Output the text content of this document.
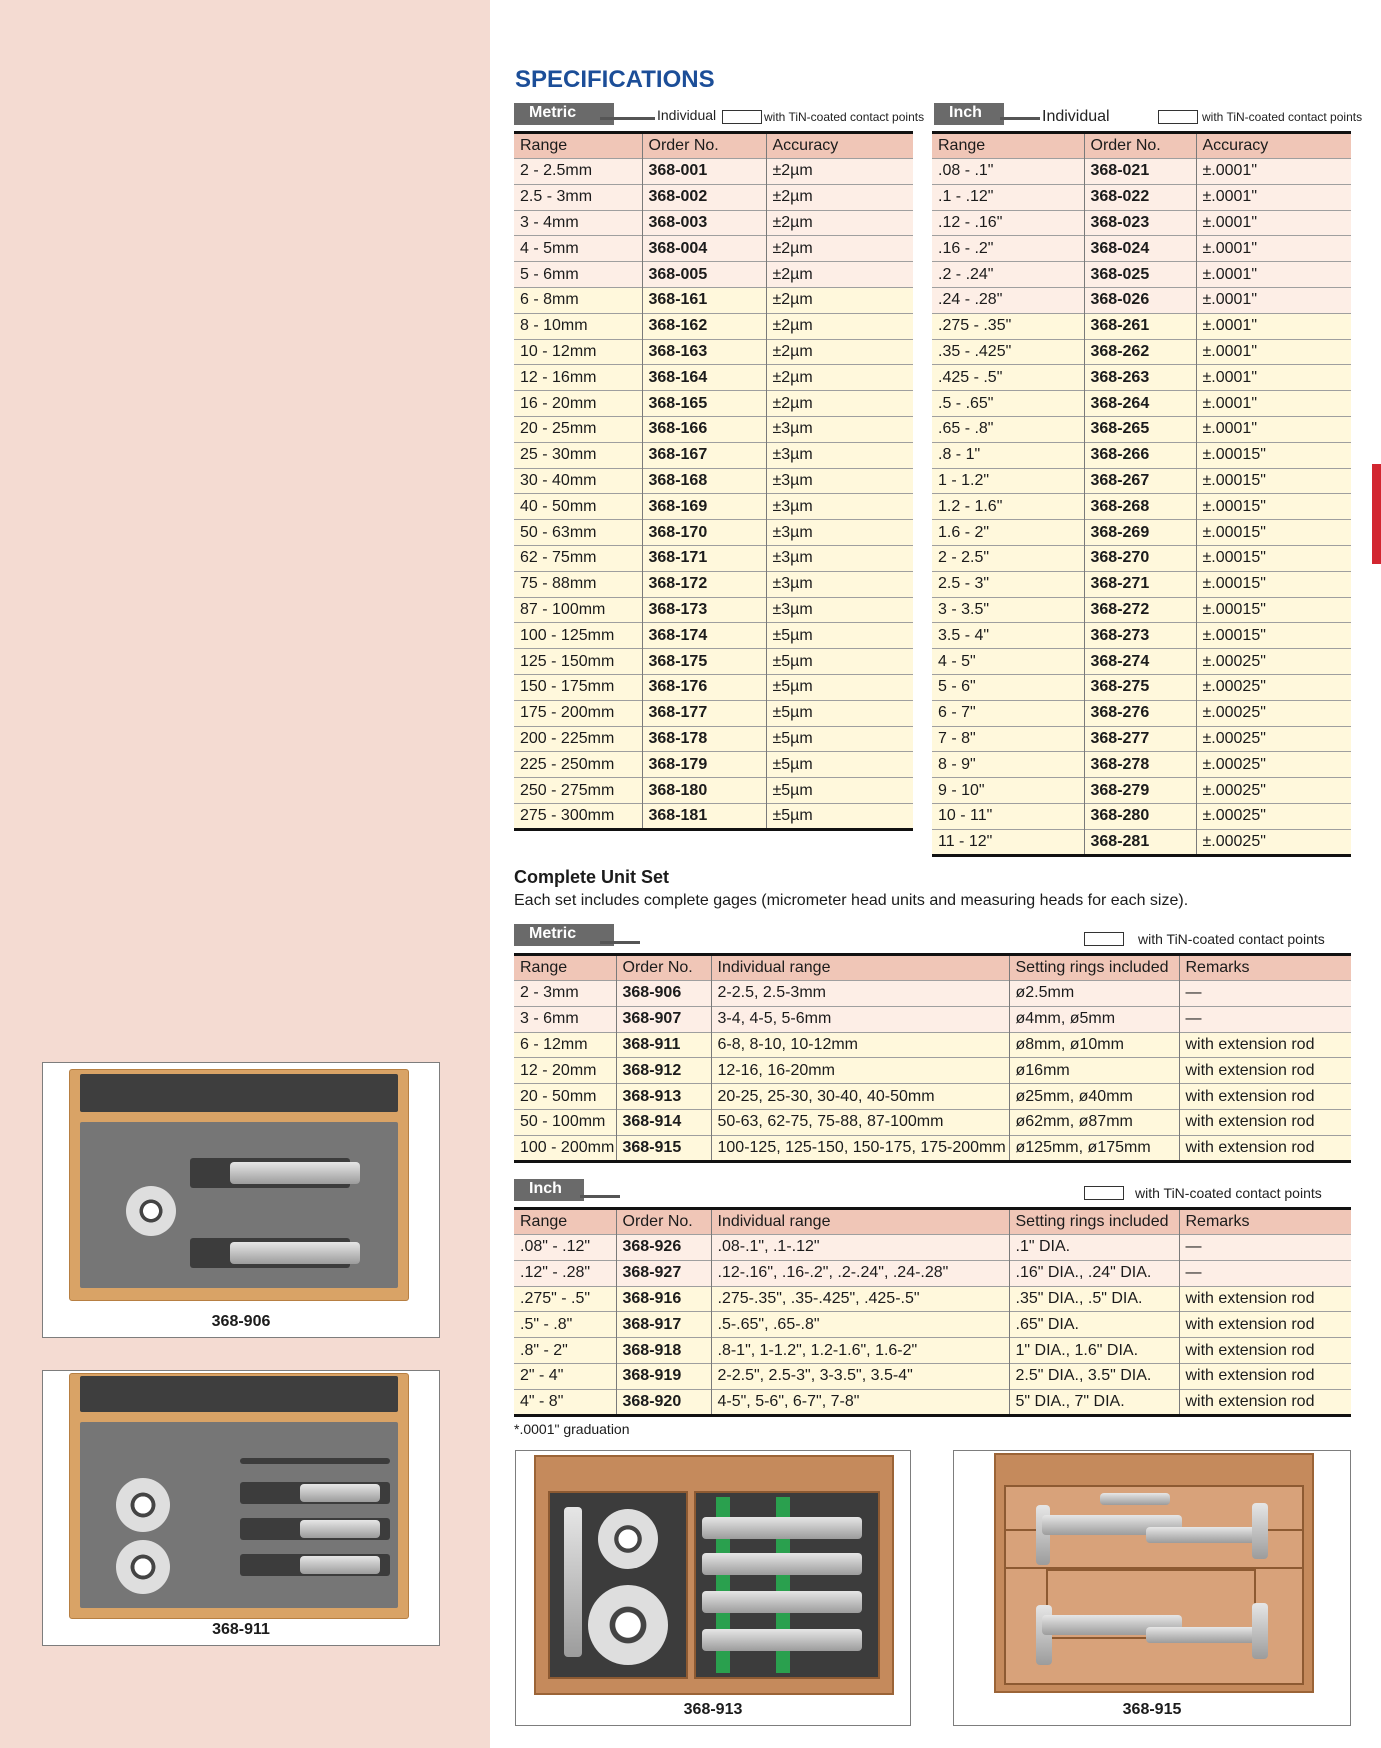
368-906
368-911
368-913	368-915
SPECIFICATIONS
Metric	Individual	with TiN-coated contact points
Range	Order No.	Accuracy
2 - 2.5mm	368-001	±2µm
2.5 - 3mm	368-002	±2µm
3 - 4mm	368-003	±2µm
4 - 5mm	368-004	±2µm
5 - 6mm	368-005	±2µm
6 - 8mm	368-161	±2µm
8 - 10mm	368-162	±2µm
10 - 12mm	368-163	±2µm
12 - 16mm	368-164	±2µm
16 - 20mm	368-165	±2µm
20 - 25mm	368-166	±3µm
25 - 30mm	368-167	±3µm
30 - 40mm	368-168	±3µm
40 - 50mm	368-169	±3µm
50 - 63mm	368-170	±3µm
62 - 75mm	368-171	±3µm
75 - 88mm	368-172	±3µm
87 - 100mm	368-173	±3µm
100 - 125mm	368-174	±5µm
125 - 150mm	368-175	±5µm
150 - 175mm	368-176	±5µm
175 - 200mm	368-177	±5µm
200 - 225mm	368-178	±5µm
225 - 250mm	368-179	±5µm
250 - 275mm	368-180	±5µm
275 - 300mm	368-181	±5µm
Inch	Individual	with TiN-coated contact points
Range	Order No.	Accuracy
.08 - .1"	368-021	±.0001"
.1 - .12"	368-022	±.0001"
.12 - .16"	368-023	±.0001"
.16 - .2"	368-024	±.0001"
.2 - .24"	368-025	±.0001"
.24 - .28"	368-026	±.0001"
.275 - .35"	368-261	±.0001"
.35 - .425"	368-262	±.0001"
.425 - .5"	368-263	±.0001"
.5 - .65"	368-264	±.0001"
.65 - .8"	368-265	±.0001"
.8 - 1"	368-266	±.00015"
1 - 1.2"	368-267	±.00015"
1.2 - 1.6"	368-268	±.00015"
1.6 - 2"	368-269	±.00015"
2 - 2.5"	368-270	±.00015"
2.5 - 3"	368-271	±.00015"
3 - 3.5"	368-272	±.00015"
3.5 - 4"	368-273	±.00015"
4 - 5"	368-274	±.00025"
5 - 6"	368-275	±.00025"
6 - 7"	368-276	±.00025"
7 - 8"	368-277	±.00025"
8 - 9"	368-278	±.00025"
9 - 10"	368-279	±.00025"
10 - 11"	368-280	±.00025"
11 - 12"	368-281	±.00025"
Complete Unit Set
Each set includes complete gages (micrometer head units and measuring heads for each size).
Metric	with TiN-coated contact points
Range	Order No.	Individual range	Setting rings included	Remarks
2 - 3mm	368-906	2-2.5, 2.5-3mm	ø2.5mm	—
3 - 6mm	368-907	3-4, 4-5, 5-6mm	ø4mm, ø5mm	—
6 - 12mm	368-911	6-8, 8-10, 10-12mm	ø8mm, ø10mm	with extension rod
12 - 20mm	368-912	12-16, 16-20mm	ø16mm	with extension rod
20 - 50mm	368-913	20-25, 25-30, 30-40, 40-50mm	ø25mm, ø40mm	with extension rod
50 - 100mm	368-914	50-63, 62-75, 75-88, 87-100mm	ø62mm, ø87mm	with extension rod
100 - 200mm	368-915	100-125, 125-150, 150-175, 175-200mm	ø125mm, ø175mm	with extension rod
Inch	with TiN-coated contact points
Range	Order No.	Individual range	Setting rings included	Remarks
.08" - .12"	368-926	.08-.1", .1-.12"	.1" DIA.	—
.12" - .28"	368-927	.12-.16", .16-.2", .2-.24", .24-.28"	.16" DIA., .24" DIA.	—
.275" - .5"	368-916	.275-.35", .35-.425", .425-.5"	.35" DIA., .5" DIA.	with extension rod
.5" - .8"	368-917	.5-.65", .65-.8"	.65" DIA.	with extension rod
.8" - 2"	368-918	.8-1", 1-1.2", 1.2-1.6", 1.6-2"	1" DIA., 1.6" DIA.	with extension rod
2" - 4"	368-919	2-2.5", 2.5-3", 3-3.5", 3.5-4"	2.5" DIA., 3.5" DIA.	with extension rod
4" - 8"	368-920	4-5", 5-6", 6-7", 7-8"	5" DIA., 7" DIA.	with extension rod
*.0001" graduation
